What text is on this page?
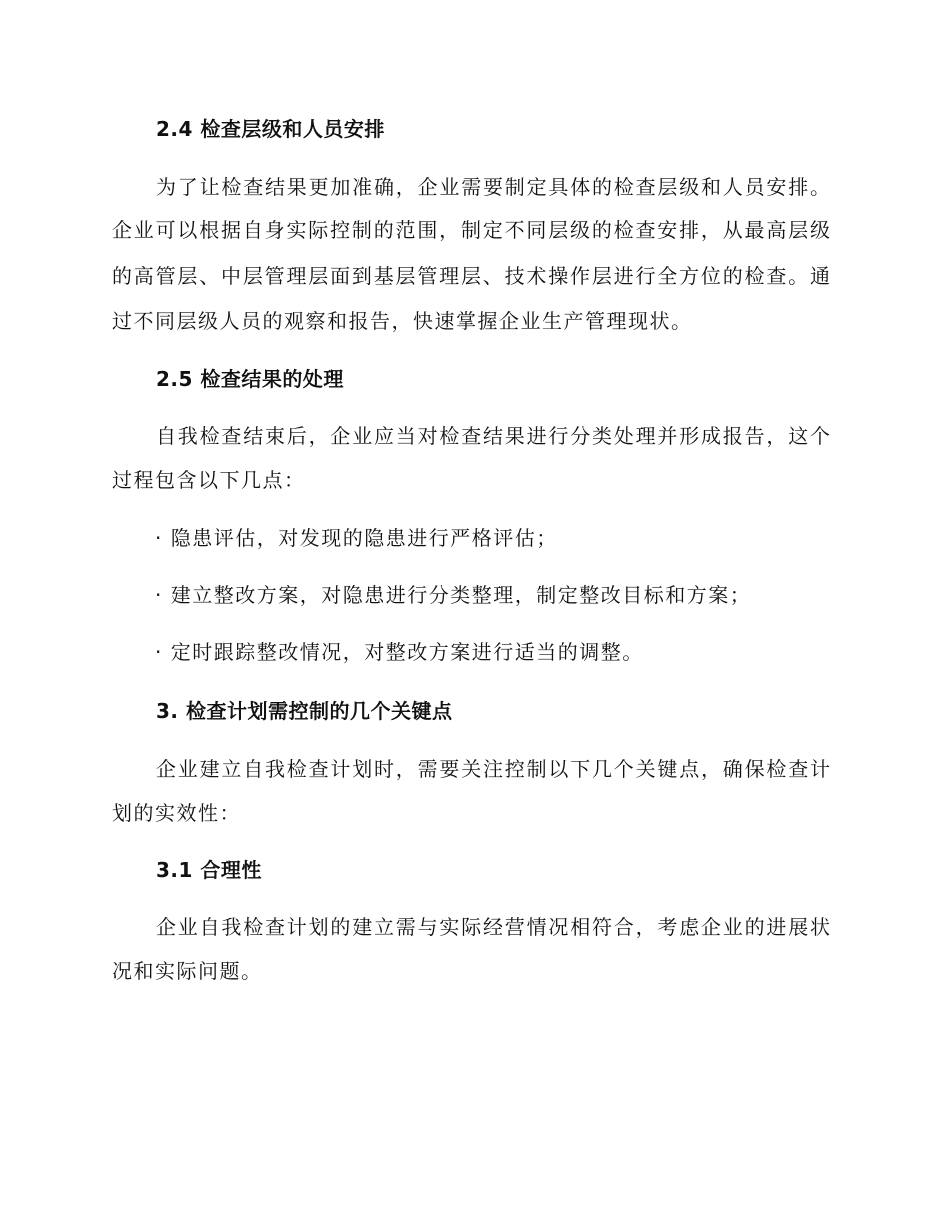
2.4 检查层级和人员安排
为了让检查结果更加准确，企业需要制定具体的检查层级和人员安排。
企业可以根据自身实际控制的范围，制定不同层级的检查安排，从最高层级
的高管层、中层管理层面到基层管理层、技术操作层进行全方位的检查。通
过不同层级人员的观察和报告，快速掌握企业生产管理现状。
2.5 检查结果的处理
自我检查结束后，企业应当对检查结果进行分类处理并形成报告，这个
过程包含以下几点：
· 隐患评估，对发现的隐患进行严格评估；
· 建立整改方案，对隐患进行分类整理，制定整改目标和方案；
· 定时跟踪整改情况，对整改方案进行适当的调整。
3. 检查计划需控制的几个关键点
企业建立自我检查计划时，需要关注控制以下几个关键点，确保检查计
划的实效性：
3.1 合理性
企业自我检查计划的建立需与实际经营情况相符合，考虑企业的进展状
况和实际问题。
